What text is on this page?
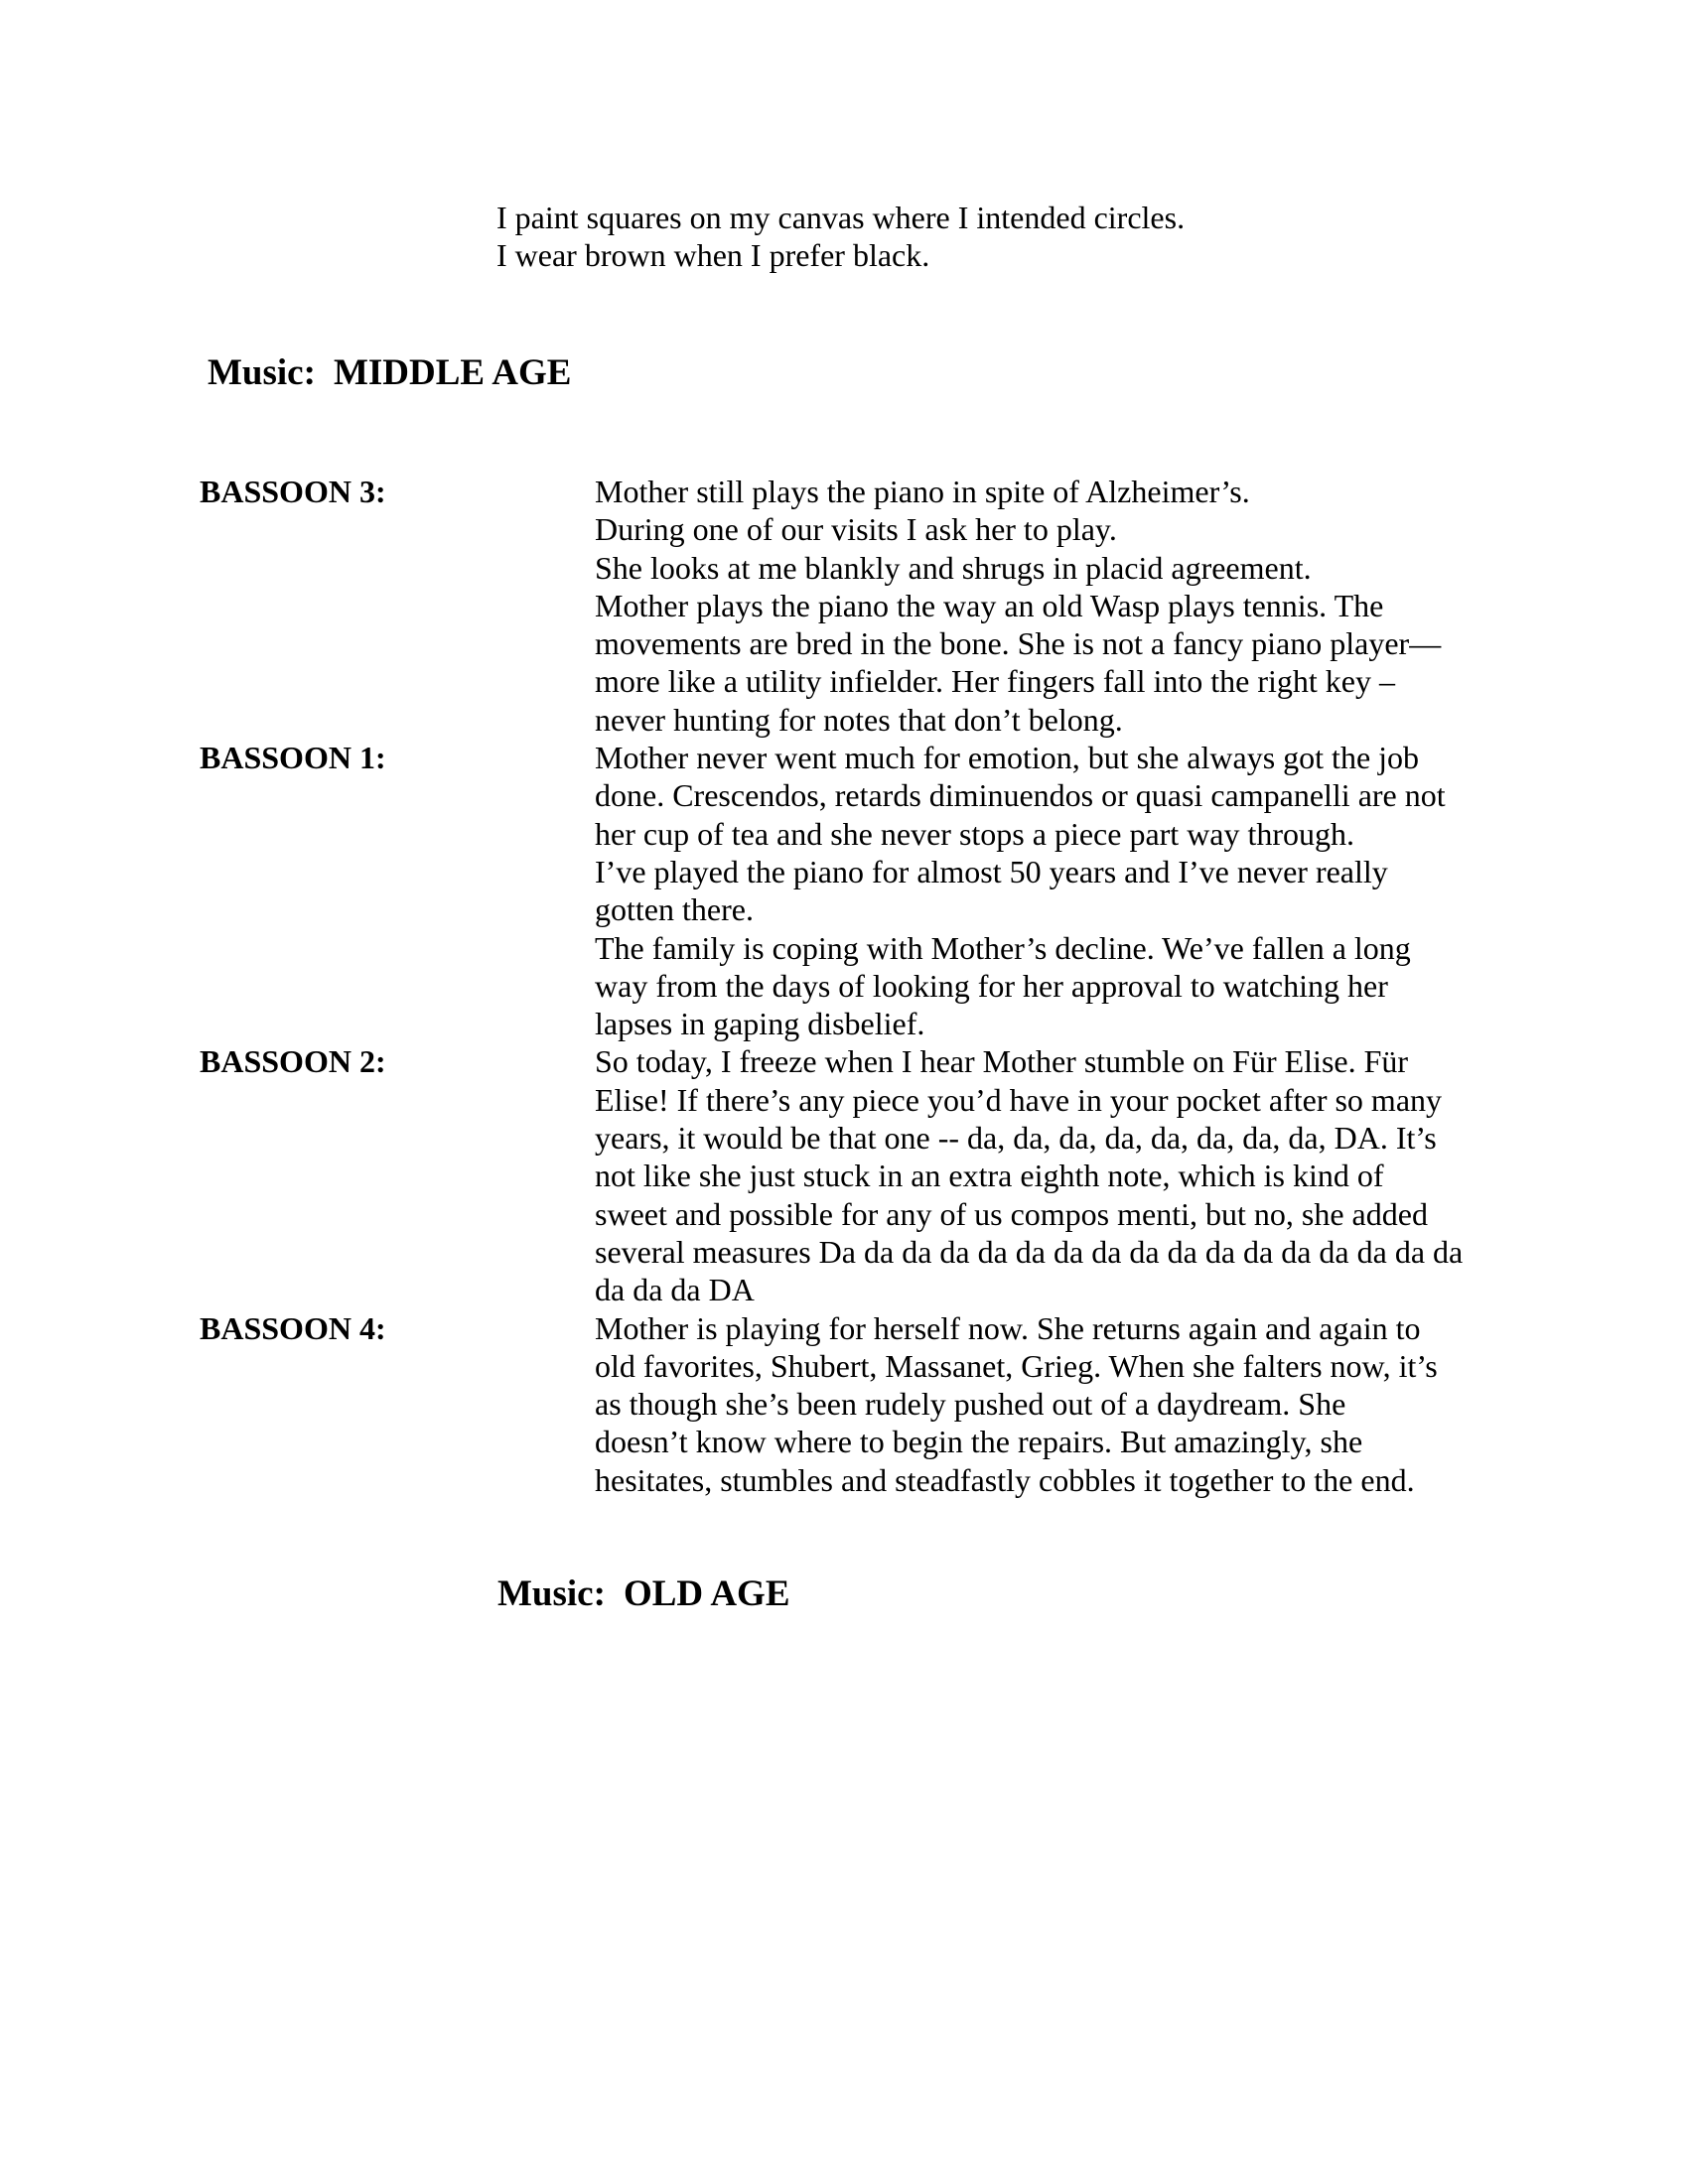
I paint squares on my canvas where I intended circles.
I wear brown when I prefer black.
Music: MIDDLE AGE
BASSOON 3:	Mother still plays the piano in spite of Alzheimer’s.
During one of our visits I ask her to play.
She looks at me blankly and shrugs in placid agreement.
Mother plays the piano the way an old Wasp plays tennis. The
movements are bred in the bone. She is not a fancy piano player—
more like a utility infielder. Her fingers fall into the right key –
never hunting for notes that don’t belong.
BASSOON 1:	Mother never went much for emotion, but she always got the job
done. Crescendos, retards diminuendos or quasi campanelli are not
her cup of tea and she never stops a piece part way through.
I’ve played the piano for almost 50 years and I’ve never really
gotten there.
The family is coping with Mother’s decline. We’ve fallen a long
way from the days of looking for her approval to watching her
lapses in gaping disbelief.
BASSOON 2:	So today, I freeze when I hear Mother stumble on Für Elise. Für
Elise! If there’s any piece you’d have in your pocket after so many
years, it would be that one -- da, da, da, da, da, da, da, da, DA. It’s
not like she just stuck in an extra eighth note, which is kind of
sweet and possible for any of us compos menti, but no, she added
several measures Da da da da da da da da da da da da da da da da da
da da da DA
BASSOON 4:	Mother is playing for herself now. She returns again and again to
old favorites, Shubert, Massanet, Grieg. When she falters now, it’s
as though she’s been rudely pushed out of a daydream. She
doesn’t know where to begin the repairs. But amazingly, she
hesitates, stumbles and steadfastly cobbles it together to the end.
Music: OLD AGE
